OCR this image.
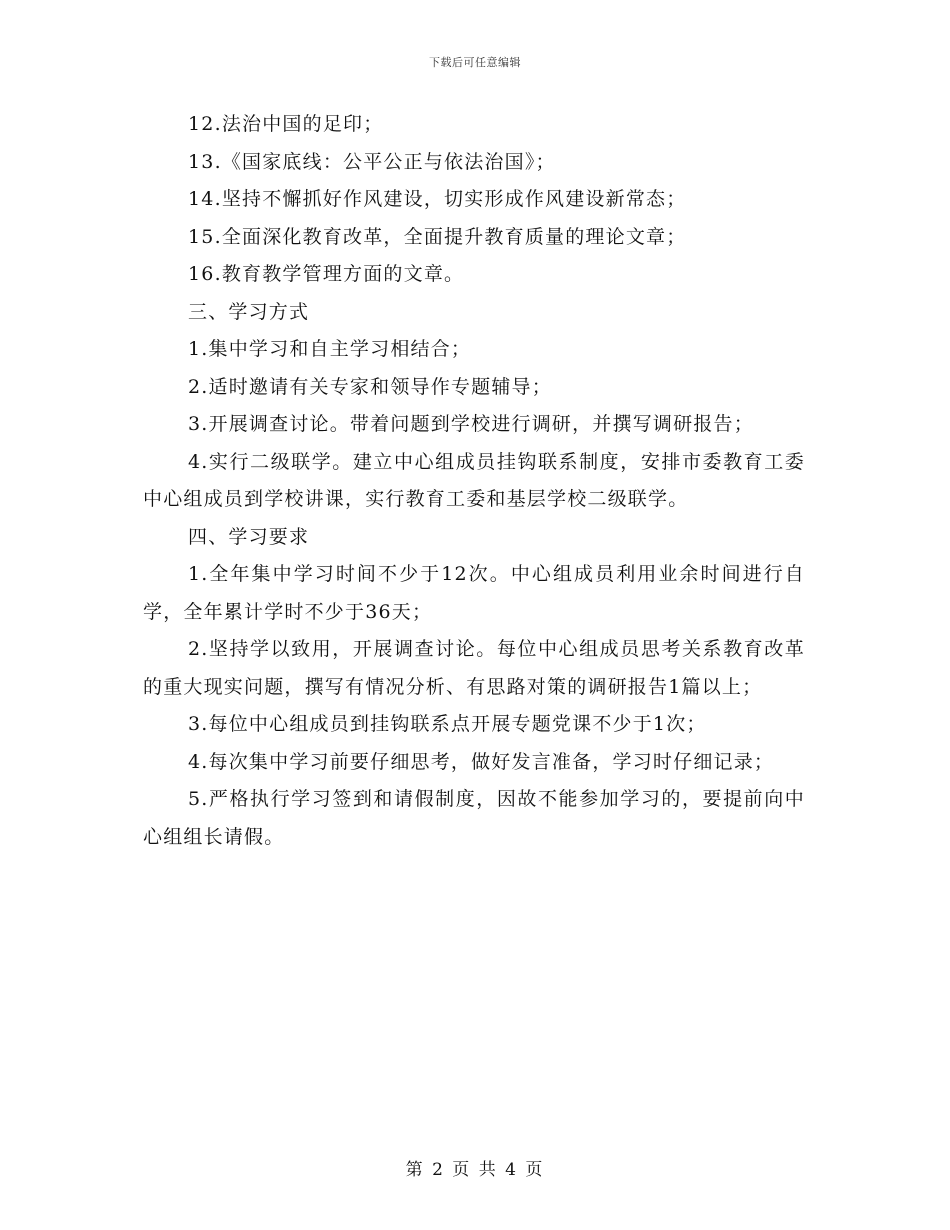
下载后可任意编辑

12.法治中国的足印；

13.《国家底线：公平公正与依法治国》；

14.坚持不懈抓好作风建设，切实形成作风建设新常态；

15.全面深化教育改革，全面提升教育质量的理论文章；

16.教育教学管理方面的文章。

三、学习方式

1.集中学习和自主学习相结合；

2.适时邀请有关专家和领导作专题辅导；

3.开展调查讨论。带着问题到学校进行调研，并撰写调研报告；

4.实行二级联学。建立中心组成员挂钩联系制度，安排市委教育工委中心组成员到学校讲课，实行教育工委和基层学校二级联学。

四、学习要求

1.全年集中学习时间不少于12次。中心组成员利用业余时间进行自学，全年累计学时不少于36天；

2.坚持学以致用，开展调查讨论。每位中心组成员思考关系教育改革的重大现实问题，撰写有情况分析、有思路对策的调研报告1篇以上；

3.每位中心组成员到挂钩联系点开展专题党课不少于1次；

4.每次集中学习前要仔细思考，做好发言准备，学习时仔细记录；

5.严格执行学习签到和请假制度，因故不能参加学习的，要提前向中心组组长请假。

第 2 页 共 4 页
